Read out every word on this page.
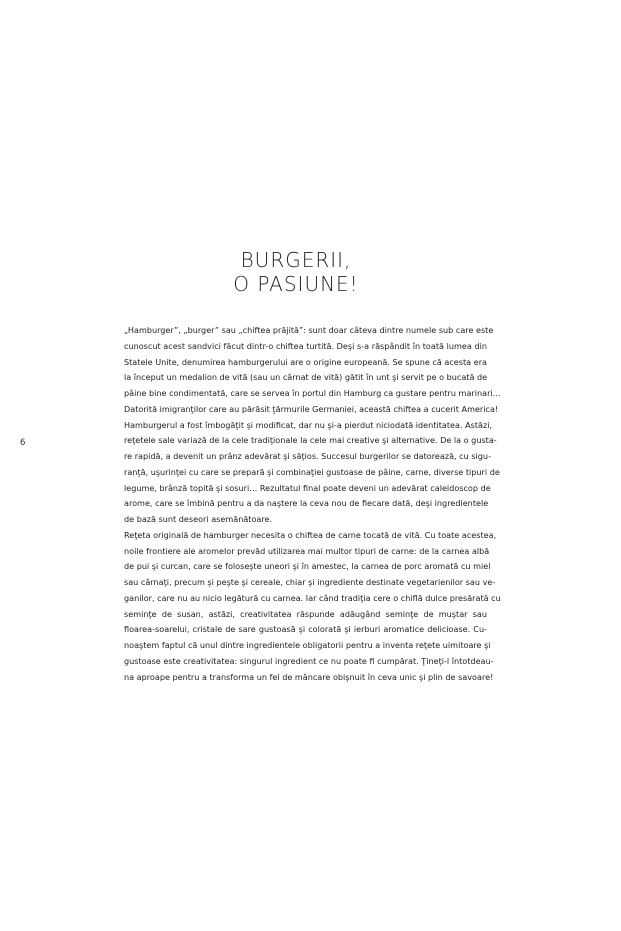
BURGERII,
O PASIUNE!
6
„Hamburger”, „burger” sau „chiftea prăjită”: sunt doar câteva dintre numele sub care este
cunoscut acest sandvici făcut dintr-o chiftea turtită. Deşi s-a răspândit în toată lumea din
Statele Unite, denumirea hamburgerului are o origine europeană. Se spune că acesta era
la început un medalion de vită (sau un cârnat de vită) gătit în unt şi servit pe o bucată de
pâine bine condimentată, care se servea în portul din Hamburg ca gustare pentru marinari…
Datorită imigranţilor care au părăsit ţărmurile Germaniei, această chiftea a cucerit America!
Hamburgerul a fost îmbogăţit şi modificat, dar nu şi-a pierdut niciodată identitatea. Astăzi,
reţetele sale variază de la cele tradiţionale la cele mai creative şi alternative. De la o gusta-
re rapidă, a devenit un prânz adevărat şi săţios. Succesul burgerilor se datorează, cu sigu-
ranţă, uşurinţei cu care se prepară şi combinaţiei gustoase de pâine, carne, diverse tipuri de
legume, brânză topită şi sosuri… Rezultatul final poate deveni un adevărat caleidoscop de
arome, care se îmbină pentru a da naştere la ceva nou de fiecare dată, deşi ingredientele
de bază sunt deseori asemănătoare.
Reţeta originală de hamburger necesita o chiftea de carne tocată de vită. Cu toate acestea,
noile frontiere ale aromelor prevăd utilizarea mai multor tipuri de carne: de la carnea albă
de pui şi curcan, care se foloseşte uneori şi în amestec, la carnea de porc aromată cu miel
sau cârnaţi, precum şi peşte şi cereale, chiar şi ingrediente destinate vegetarienilor sau ve-
ganilor, care nu au nicio legătură cu carnea. Iar când tradiţia cere o chiflă dulce presărată cu
seminţe de susan, astăzi, creativitatea răspunde adăugând seminţe de muştar sau
floarea-soarelui, cristale de sare gustoasă şi colorată şi ierburi aromatice delicioase. Cu-
noaştem faptul că unul dintre ingredientele obligatorii pentru a inventa reţete uimitoare şi
gustoase este creativitatea: singurul ingredient ce nu poate fi cumpărat. Ţineţi-l întotdeau-
na aproape pentru a transforma un fel de mâncare obişnuit în ceva unic şi plin de savoare!
